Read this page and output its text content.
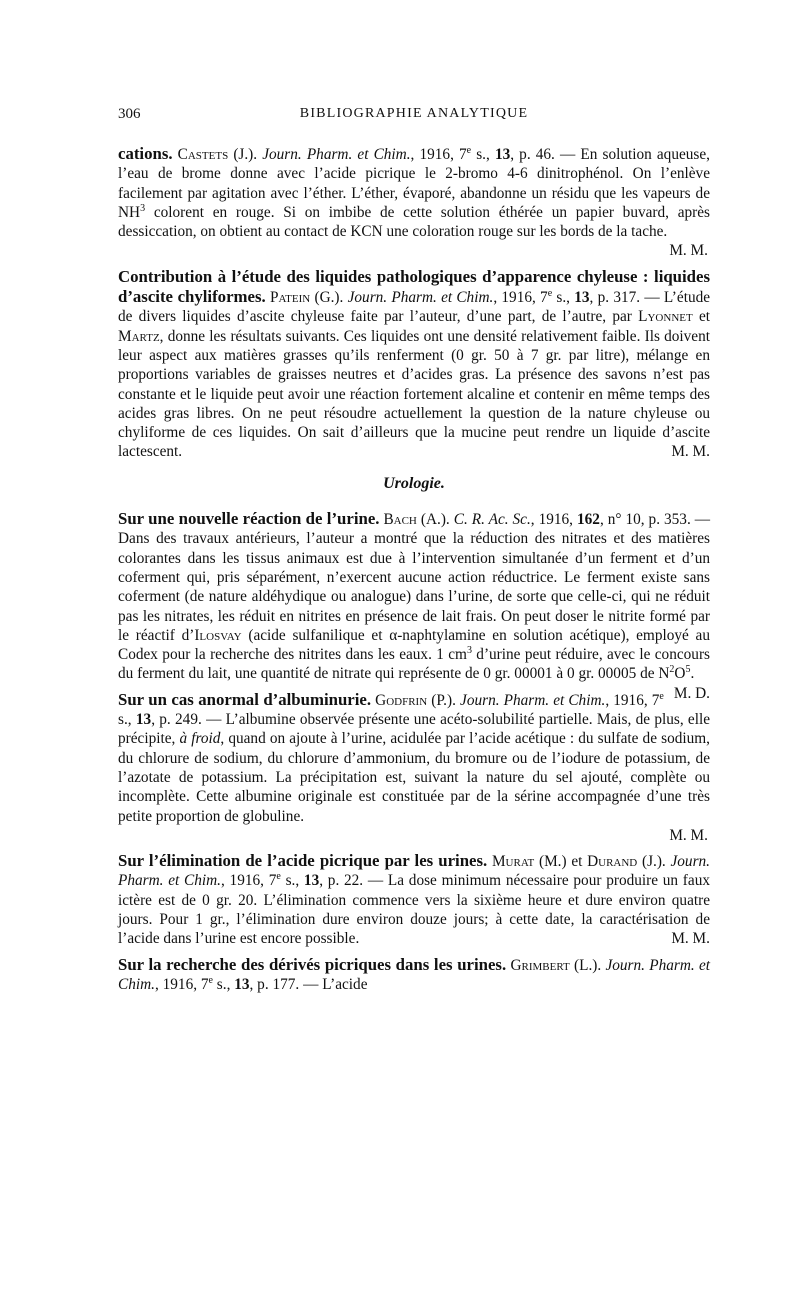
306	BIBLIOGRAPHIE ANALYTIQUE

cations. Castets (J.). Journ. Pharm. et Chim., 1916, 7e s., 13, p. 46. — En solution aqueuse, l’eau de brome donne avec l’acide picrique le 2-bromo 4-6 dinitrophénol. On l’enlève facilement par agitation avec l’éther. L’éther, évaporé, abandonne un résidu que les vapeurs de $NH^3$ colorent en rouge. Si on imbibe de cette solution éthérée un papier buvard, après dessiccation, on obtient au contact de KCN une coloration rouge sur les bords de la tache.

M. M.

Contribution à l’étude des liquides pathologiques d’apparence chyleuse : liquides d’ascite chyliformes. Patein (G.). Journ. Pharm. et Chim., 1916, 7e s., 13, p. 317. — L’étude de divers liquides d’ascite chyleuse faite par l’auteur, d’une part, de l’autre, par Lyonnet et Martz, donne les résultats suivants. Ces liquides ont une densité relativement faible. Ils doivent leur aspect aux matières grasses qu’ils renferment (0 gr. 50 à 7 gr. par litre), mélange en proportions variables de graisses neutres et d’acides gras. La présence des savons n’est pas constante et le liquide peut avoir une réaction fortement alcaline et contenir en même temps des acides gras libres. On ne peut résoudre actuellement la question de la nature chyleuse ou chyliforme de ces liquides. On sait d’ailleurs que la mucine peut rendre un liquide d’ascite lactescent.	M. M.

Urologie.

Sur une nouvelle réaction de l’urine. Bach (A.). C. R. Ac. Sc., 1916, 162, n° 10, p. 353. — Dans des travaux antérieurs, l’auteur a montré que la réduction des nitrates et des matières colorantes dans les tissus animaux est due à l’intervention simultanée d’un ferment et d’un coferment qui, pris séparément, n’exercent aucune action réductrice. Le ferment existe sans coferment (de nature aldéhydique ou analogue) dans l’urine, de sorte que celle-ci, qui ne réduit pas les nitrates, les réduit en nitrites en présence de lait frais. On peut doser le nitrite formé par le réactif d’Ilosvay (acide sulfanilique et α-naphtylamine en solution acétique), employé au Codex pour la recherche des nitrites dans les eaux. 1 $cm^3$ d’urine peut réduire, avec le concours du ferment du lait, une quantité de nitrate qui représente de 0 gr. 00001 à 0 gr. 00005 de $N^2O^5$.
M. D.

Sur un cas anormal d’albuminurie. Godfrin (P.). Journ. Pharm. et Chim., 1916, 7e s., 13, p. 249. — L’albumine observée présente une acéto-solubilité partielle. Mais, de plus, elle précipite, à froid, quand on ajoute à l’urine, acidulée par l’acide acétique : du sulfate de sodium, du chlorure de sodium, du chlorure d’ammonium, du bromure ou de l’iodure de potassium, de l’azotate de potassium. La précipitation est, suivant la nature du sel ajouté, complète ou incomplète. Cette albumine originale est constituée par de la sérine accompagnée d’une très petite proportion de globuline.

M. M.

Sur l’élimination de l’acide picrique par les urines. Murat (M.) et Durand (J.). Journ. Pharm. et Chim., 1916, 7e s., 13, p. 22. — La dose minimum nécessaire pour produire un faux ictère est de 0 gr. 20. L’élimination commence vers la sixième heure et dure environ quatre jours. Pour 1 gr., l’élimination dure environ douze jours; à cette date, la caractérisation de l’acide dans l’urine est encore possible.	M. M.

Sur la recherche des dérivés picriques dans les urines. Grimbert (L.). Journ. Pharm. et Chim., 1916, 7e s., 13, p. 177. — L’acide
